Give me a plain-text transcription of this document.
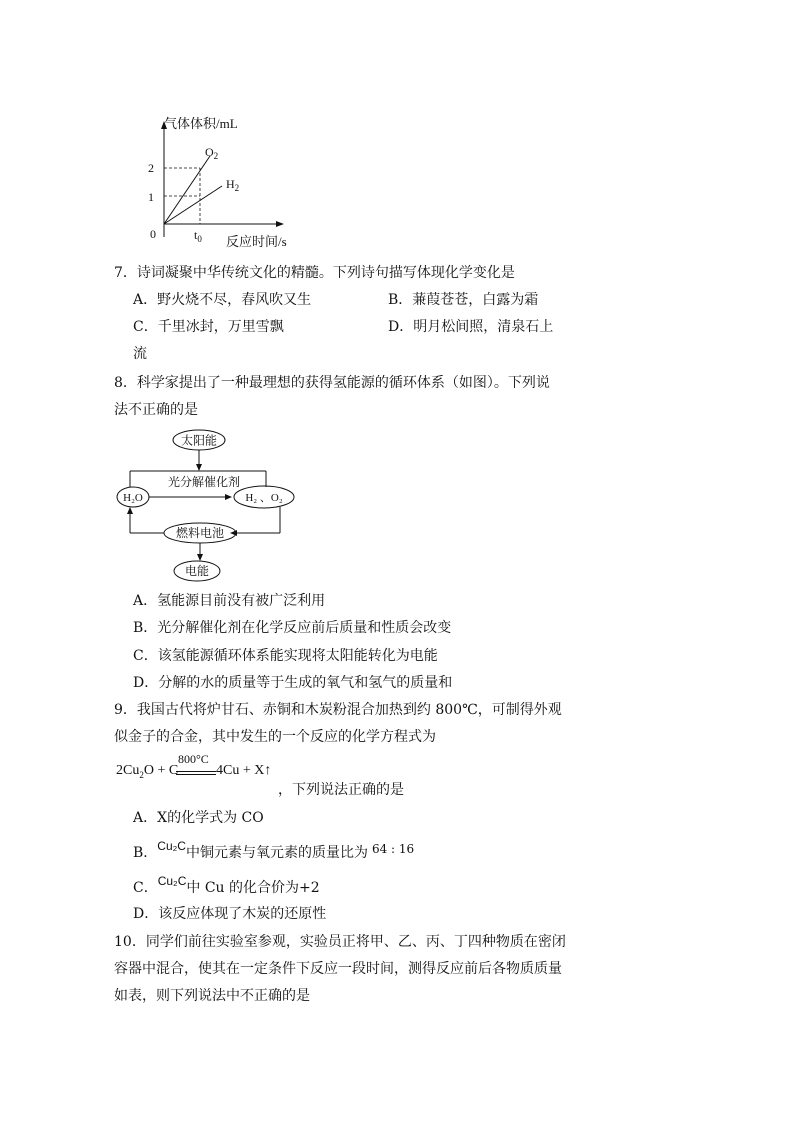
气体体积/mL
2
1
0	$t_0$ 反应时间/s
$O_2$
$H_2$
7．诗词凝聚中华传统文化的精髓。下列诗句描写体现化学变化是
A．野火烧不尽，春风吹又生	B．蒹葭苍苍，白露为霜
C．千里冰封，万里雪飘	D．明月松间照，清泉石上
流
8．科学家提出了一种最理想的获得氢能源的循环体系（如图）。下列说
法不正确的是
太阳能
光分解催化剂
H₂O	H₂ 、O₂
燃料电池
电能
A．氢能源目前没有被广泛利用
B．光分解催化剂在化学反应前后质量和性质会改变
C．该氢能源循环体系能实现将太阳能转化为电能
D．分解的水的质量等于生成的氧气和氢气的质量和
9．我国古代将炉甘石、赤铜和木炭粉混合加热到约 800℃，可制得外观
似金子的合金，其中发生的一个反应的化学方程式为
$2Cu_2O + C$
800°C
4Cu + X↑
，下列说法正确的是
A．X的化学式为 CO
B．Cu₂C中铜元素与氧元素的质量比为 64 : 16
C．Cu₂C中 Cu 的化合价为+2
D．该反应体现了木炭的还原性
10．同学们前往实验室参观，实验员正将甲、乙、丙、丁四种物质在密闭
容器中混合，使其在一定条件下反应一段时间，测得反应前后各物质质量
如表，则下列说法中不正确的是
